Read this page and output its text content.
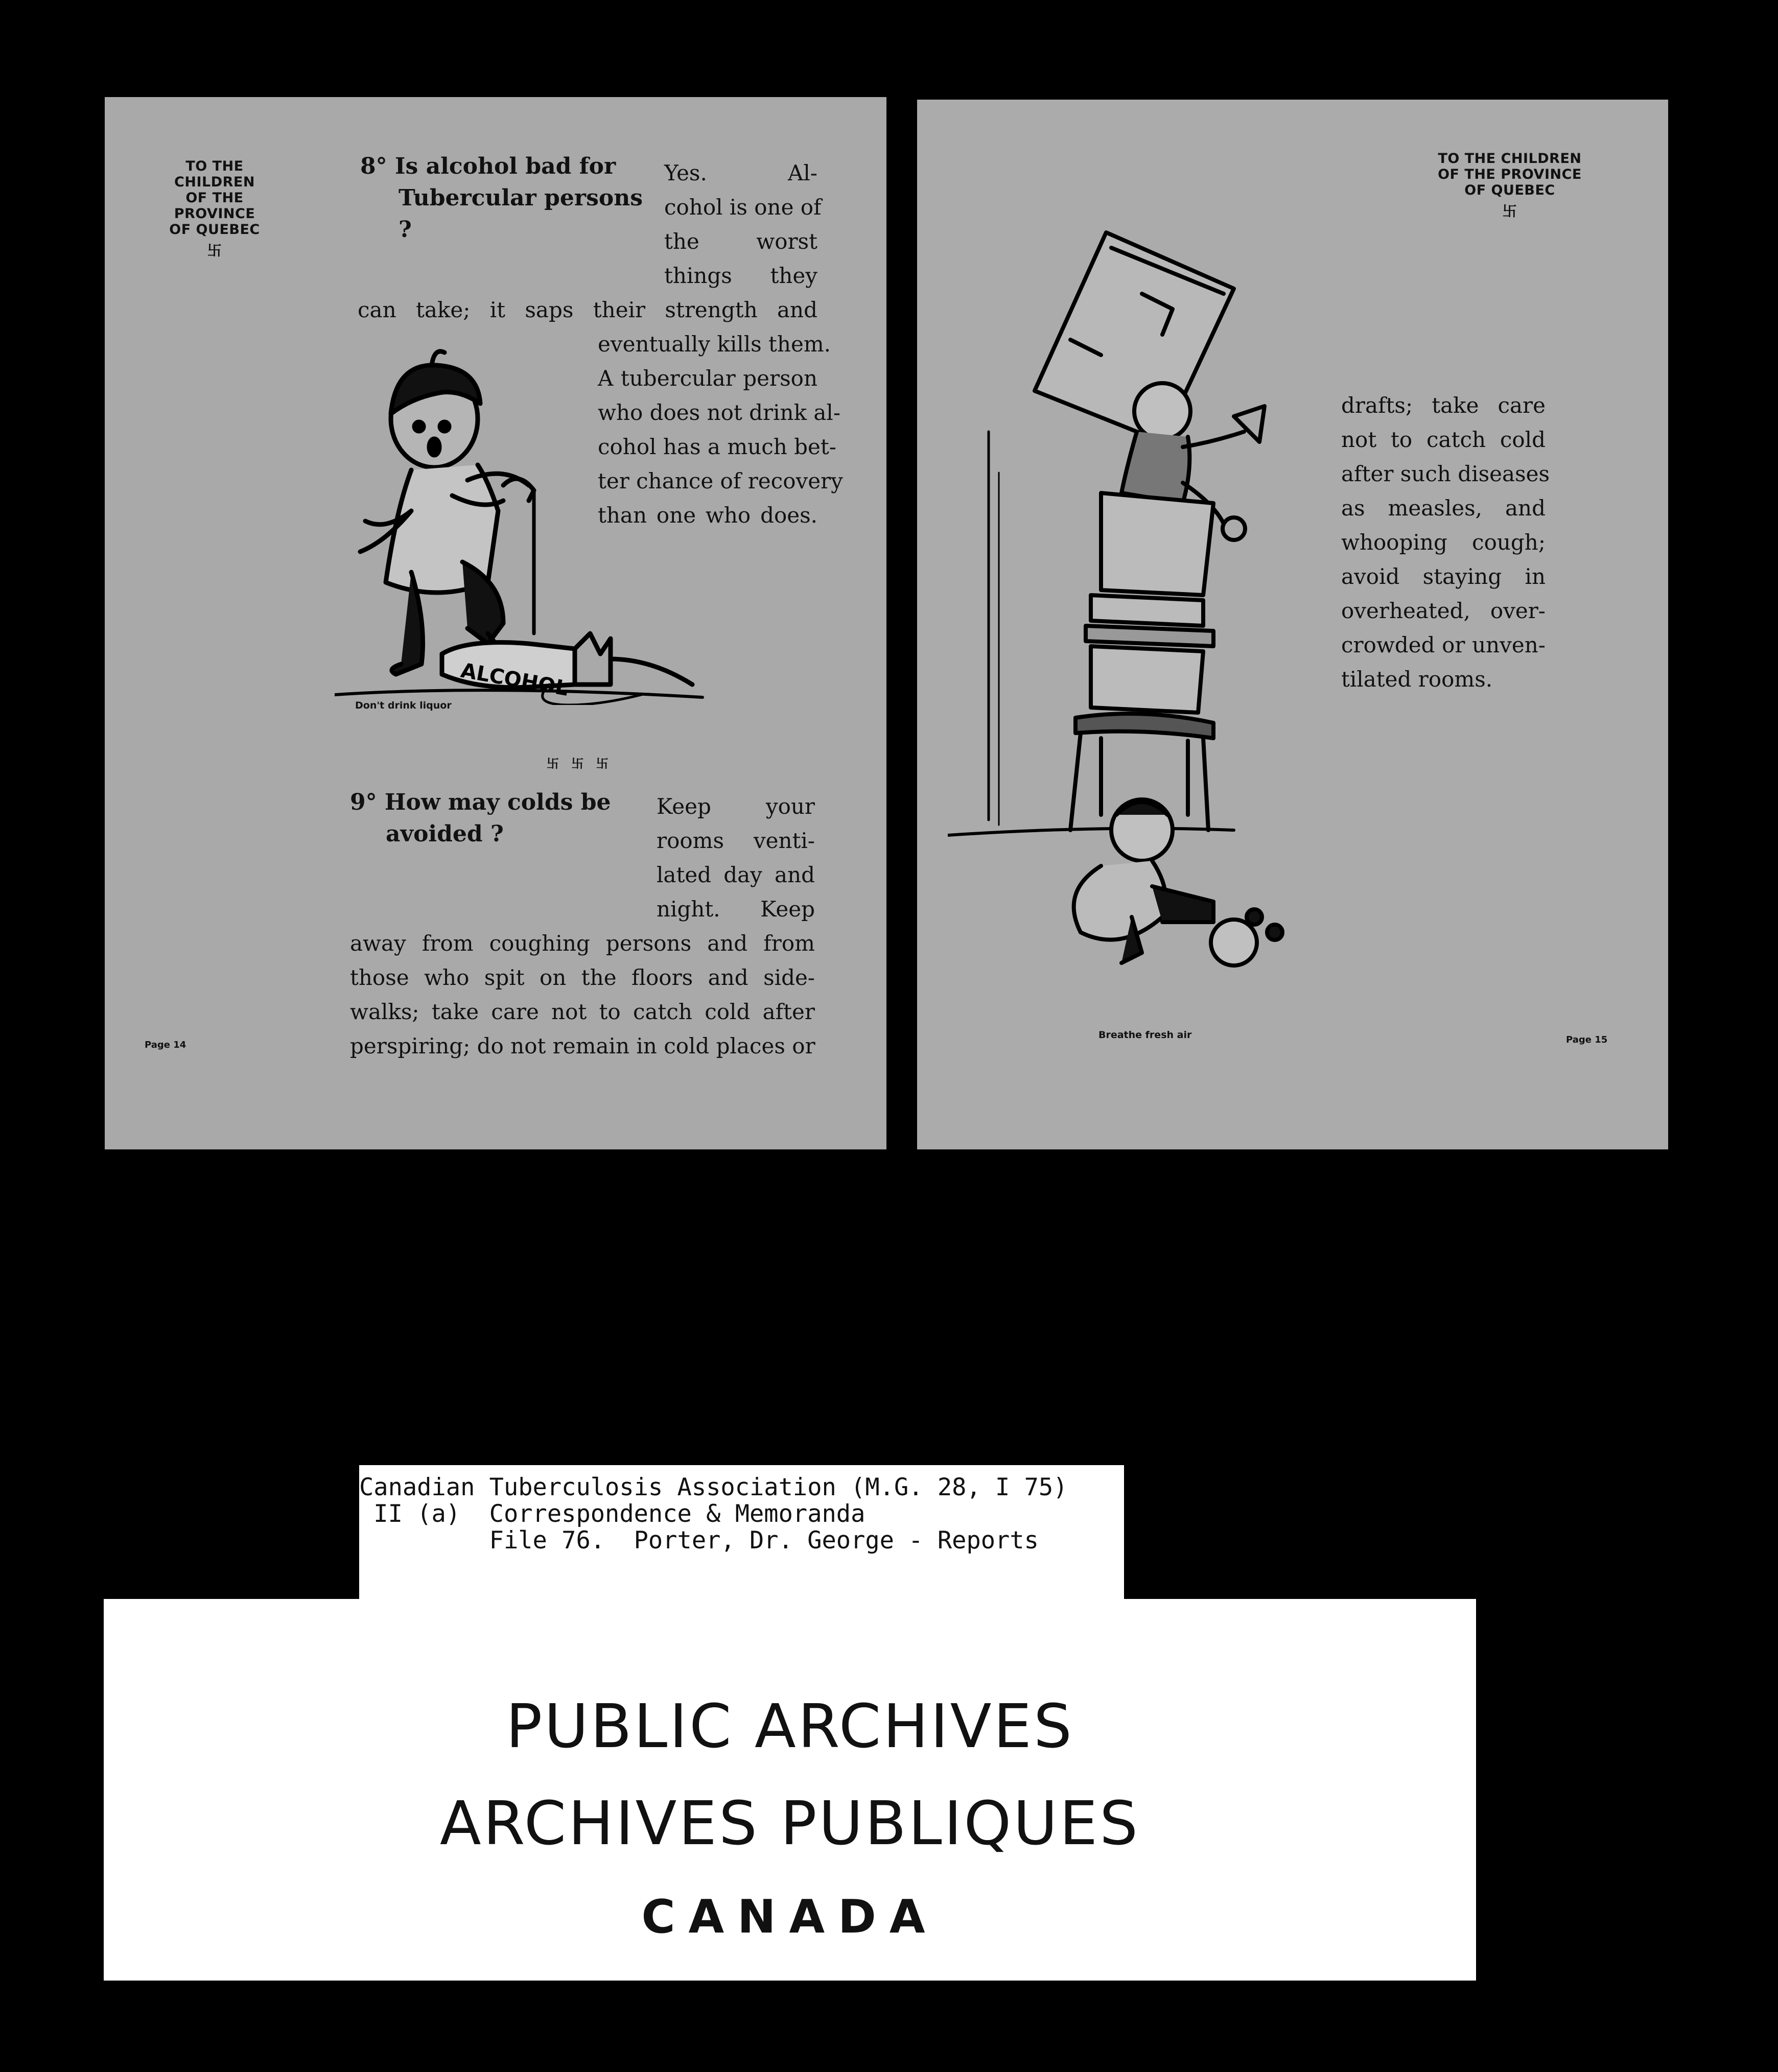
TO THE CHILDREN
OF THE PROVINCE
OF QUEBEC
卐
8° Is alcohol bad for
Tubercular persons ?
Yes. Al-
cohol is one of
the worst
things they
can take; it saps their strength and
eventually kills them.
A tubercular person
who does not drink al-
cohol has a much bet-
ter chance of recovery
than one who does.
ALCOHOL
Don't drink liquor
卐 卐 卐
9° How may colds be
avoided ?
Keep your
rooms venti-
lated day and
night. Keep
away from coughing persons and from
those who spit on the floors and side-
walks; take care not to catch cold after
perspiring; do not remain in cold places or
Page 14
TO THE CHILDREN
OF THE PROVINCE
OF QUEBEC
卐
drafts; take care
not to catch cold
after such diseases
as measles, and
whooping cough;
avoid staying in
overheated, over-
crowded or unven-
tilated rooms.
Breathe fresh air	Page 15
Canadian Tuberculosis Association (M.G. 28, I 75)
II (a)  Correspondence & Memoranda
File 76.  Porter, Dr. George - Reports
PUBLIC ARCHIVES
ARCHIVES PUBLIQUES
CANADA
